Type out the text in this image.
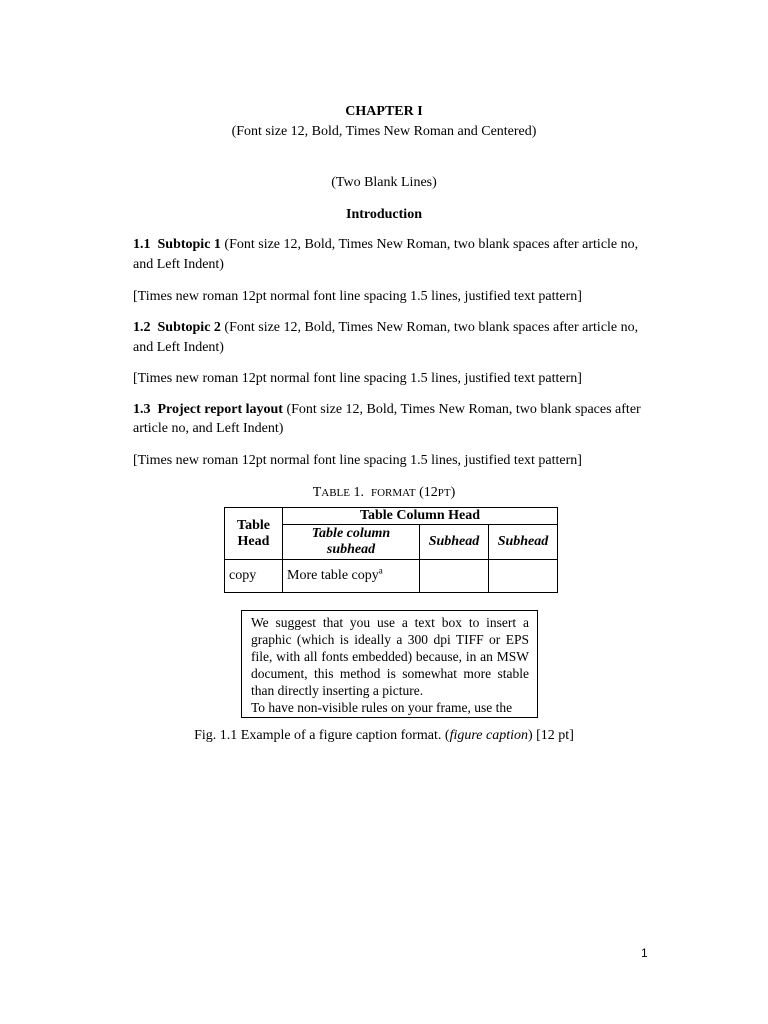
CHAPTER I
(Font size 12, Bold, Times New Roman and Centered)
(Two Blank Lines)
Introduction
1.1 Subtopic 1 (Font size 12, Bold, Times New Roman, two blank spaces after article no,
and Left Indent)
[Times new roman 12pt normal font line spacing 1.5 lines, justified text pattern]
1.2 Subtopic 2 (Font size 12, Bold, Times New Roman, two blank spaces after article no,
and Left Indent)
[Times new roman 12pt normal font line spacing 1.5 lines, justified text pattern]
1.3 Project report layout (Font size 12, Bold, Times New Roman, two blank spaces after
article no, and Left Indent)
[Times new roman 12pt normal font line spacing 1.5 lines, justified text pattern]
TABLE 1. FORMAT (12PT)
Table Head	Table Column Head		
	Table column subhead	Subhead	Subhead
copy	More table copy$^a$		

We suggest that you use a text box to insert a graphic (which is ideally a 300 dpi TIFF or EPS file, with all fonts embedded) because, in an MSW document, this method is somewhat more stable than directly inserting a picture.

To have non-visible rules on your frame, use the

Fig. 1.1 Example of a figure caption format. (figure caption) [12 pt]
1
